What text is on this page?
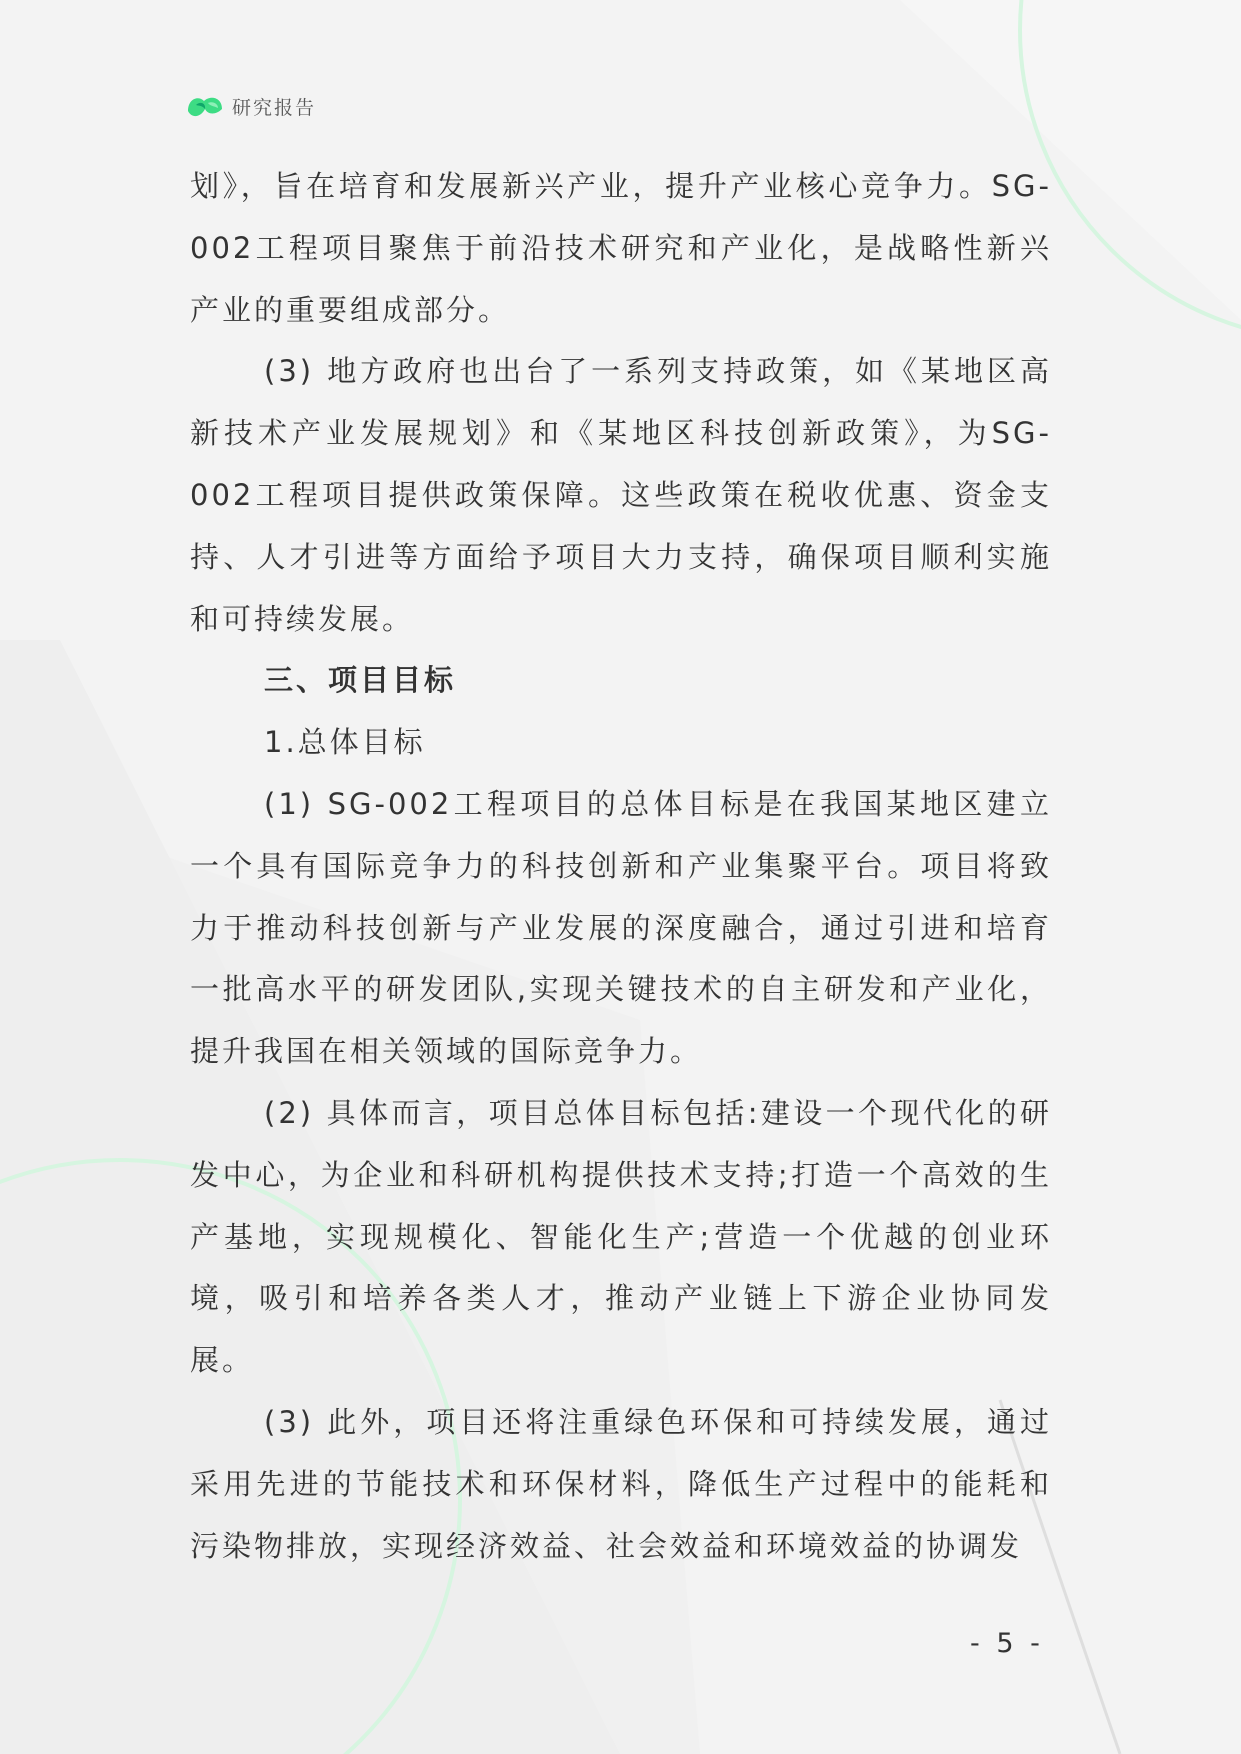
研究报告

划》，旨在培育和发展新兴产业，提升产业核心竞争力。SG-002工程项目聚焦于前沿技术研究和产业化，是战略性新兴产业的重要组成部分。

(3) 地方政府也出台了一系列支持政策，如《某地区高新技术产业发展规划》和《某地区科技创新政策》，为SG-002工程项目提供政策保障。这些政策在税收优惠、资金支持、人才引进等方面给予项目大力支持，确保项目顺利实施和可持续发展。

三、项目目标

1.总体目标

(1) SG-002工程项目的总体目标是在我国某地区建立一个具有国际竞争力的科技创新和产业集聚平台。项目将致力于推动科技创新与产业发展的深度融合，通过引进和培育一批高水平的研发团队,实现关键技术的自主研发和产业化，提升我国在相关领域的国际竞争力。

(2) 具体而言，项目总体目标包括:建设一个现代化的研发中心，为企业和科研机构提供技术支持;打造一个高效的生产基地，实现规模化、智能化生产;营造一个优越的创业环境，吸引和培养各类人才，推动产业链上下游企业协同发展。

(3) 此外，项目还将注重绿色环保和可持续发展，通过采用先进的节能技术和环保材料，降低生产过程中的能耗和污染物排放，实现经济效益、社会效益和环境效益的协调发

- 5 -
